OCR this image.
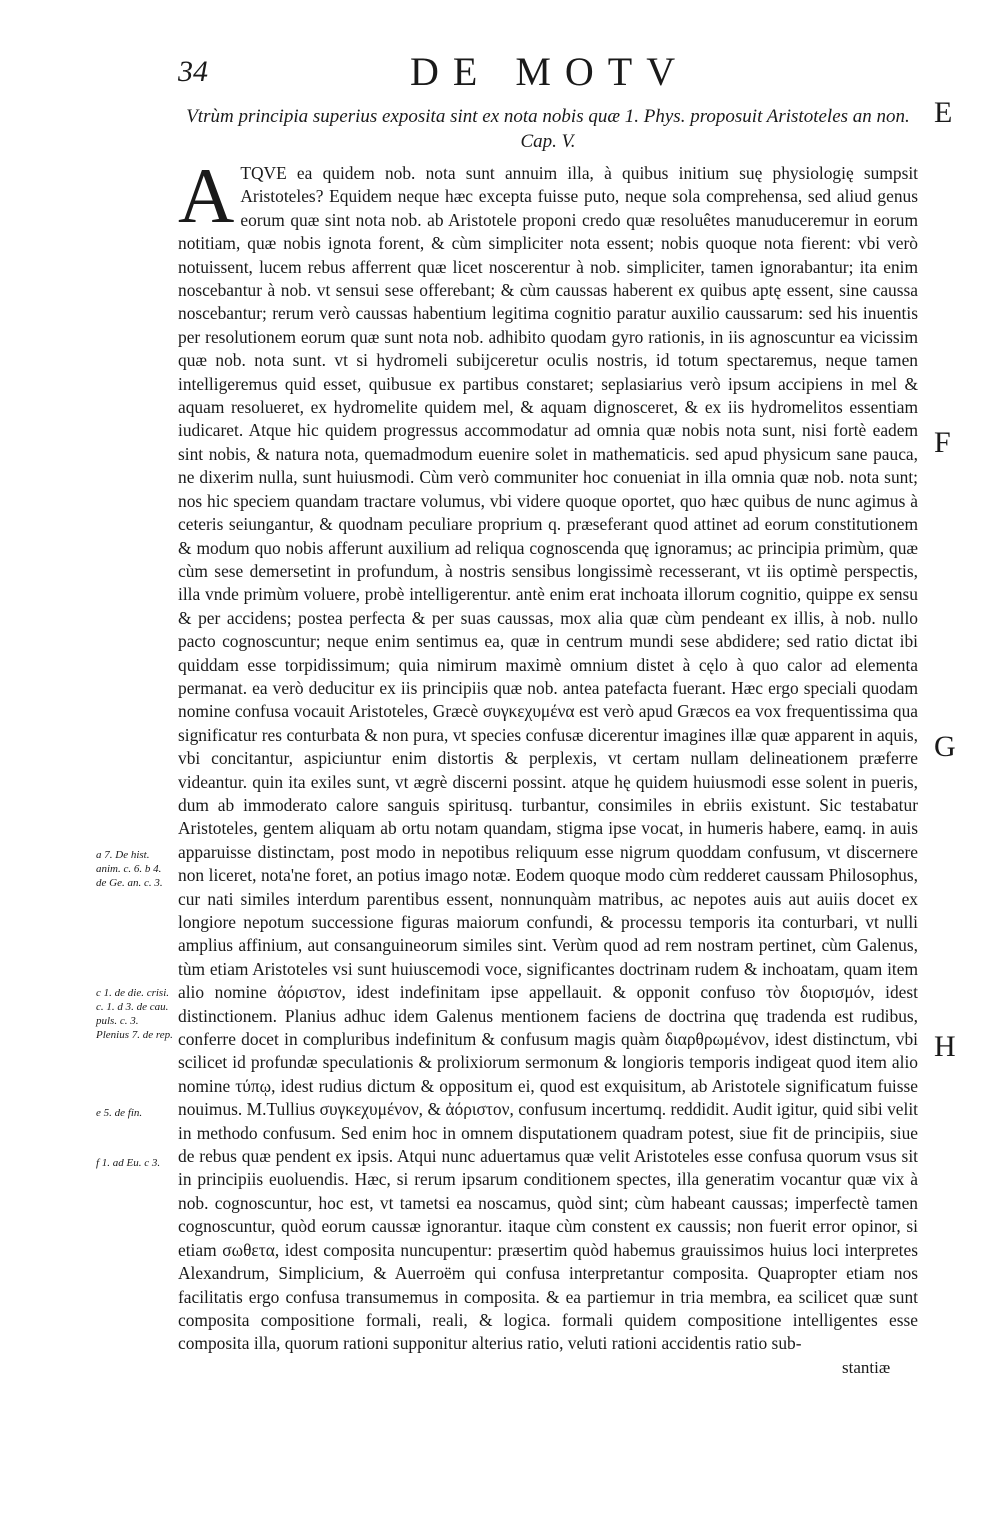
34	DE MOTV
Vtrùm principia superius exposita sint ex nota nobis quæ 1. Phys. proposuit Aristoteles an non.
Cap. V.

ATQVE ea quidem nob. nota sunt annuim illa, à quibus initium suę physiologię sumpsit Aristoteles? Equidem neque hæc excepta fuisse puto, neque sola comprehensa, sed aliud genus eorum quæ sint nota nob. ab Aristotele proponi credo quæ resoluêtes manuduceremur in eorum notitiam, quæ nobis ignota forent, & cùm simpliciter nota essent; nobis quoque nota fierent: vbi verò notuissent, lucem rebus afferrent quæ licet noscerentur à nob. simpliciter, tamen ignorabantur; ita enim noscebantur à nob. vt sensui sese offerebant; & cùm caussas haberent ex quibus aptę essent, sine caussa noscebantur; rerum verò caussas habentium legitima cognitio paratur auxilio caussarum: sed his inuentis per resolutionem eorum quæ sunt nota nob. adhibito quodam gyro rationis, in iis agnoscuntur ea vicissim quæ nob. nota sunt. vt si hydromeli subijceretur oculis nostris, id totum spectaremus, neque tamen intelligeremus quid esset, quibusue ex partibus constaret; seplasiarius verò ipsum accipiens in mel & aquam resolueret, ex hydromelite quidem mel, & aquam dignosceret, & ex iis hydromelitos essentiam iudicaret. Atque hic quidem progressus accommodatur ad omnia quæ nobis nota sunt, nisi fortè eadem sint nobis, & natura nota, quemadmodum euenire solet in mathematicis. sed apud physicum sane pauca, ne dixerim nulla, sunt huiusmodi. Cùm verò communiter hoc conueniat in illa omnia quæ nob. nota sunt; nos hic speciem quandam tractare volumus, vbi videre quoque oportet, quo hæc quibus de nunc agimus à ceteris seiungantur, & quodnam peculiare proprium q. præseferant quod attinet ad eorum constitutionem & modum quo nobis afferunt auxilium ad reliqua cognoscenda quę ignoramus; ac principia primùm, quæ cùm sese demersetint in profundum, à nostris sensibus longissimè recesserant, vt iis optimè perspectis, illa vnde primùm voluere, probè intelligerentur. antè enim erat inchoata illorum cognitio, quippe ex sensu & per accidens; postea perfecta & per suas caussas, mox alia quæ cùm pendeant ex illis, à nob. nullo pacto cognoscuntur; neque enim sentimus ea, quæ in centrum mundi sese abdidere; sed ratio dictat ibi quiddam esse torpidissimum; quia nimirum maximè omnium distet à cęlo à quo calor ad elementa permanat. ea verò deducitur ex iis principiis quæ nob. antea patefacta fuerant. Hæc ergo speciali quodam nomine confusa vocauit Aristoteles, Græcè συγκεχυμένα est verò apud Græcos ea vox frequentissima qua significatur res conturbata & non pura, vt species confusæ dicerentur imagines illæ quæ apparent in aquis, vbi concitantur, aspiciuntur enim distortis & perplexis, vt certam nullam delineationem præferre videantur. quin ita exiles sunt, vt ægrè discerni possint. atque hę quidem huiusmodi esse solent in pueris, dum ab immoderato calore sanguis spiritusq. turbantur, consimiles in ebriis existunt. Sic testabatur Aristoteles, gentem aliquam ab ortu notam quandam, stigma ipse vocat, in humeris habere, eamq. in auis apparuisse distinctam, post modo in nepotibus reliquum esse nigrum quoddam confusum, vt discernere non liceret, nota'ne foret, an potius imago notæ. Eodem quoque modo cùm redderet caussam Philosophus, cur nati similes interdum parentibus essent, nonnunquàm matribus, ac nepotes auis aut auiis docet ex longiore nepotum successione figuras maiorum confundi, & processu temporis ita conturbari, vt nulli amplius affinium, aut consanguineorum similes sint. Verùm quod ad rem nostram pertinet, cùm Galenus, tùm etiam Aristoteles vsi sunt huiuscemodi voce, significantes doctrinam rudem & inchoatam, quam item alio nomine ἀόριστον, idest indefinitam ipse appellauit. & opponit confuso τὸν διορισμόν, idest distinctionem. Planius adhuc idem Galenus mentionem faciens de doctrina quę tradenda est rudibus, conferre docet in compluribus indefinitum & confusum magis quàm διαρθρωμένον, idest distinctum, vbi scilicet id profundæ speculationis & prolixiorum sermonum & longioris temporis indigeat quod item alio nomine τύπῳ, idest rudius dictum & oppositum ei, quod est exquisitum, ab Aristotele significatum fuisse nouimus. M.Tullius συγκεχυμένον, & ἀόριστον, confusum incertumq. reddidit. Audit igitur, quid sibi velit in methodo confusum. Sed enim hoc in omnem disputationem quadram potest, siue fit de principiis, siue de rebus quæ pendent ex ipsis. Atqui nunc aduertamus quæ velit Aristoteles esse confusa quorum vsus sit in principiis euoluendis. Hæc, si rerum ipsarum conditionem spectes, illa generatim vocantur quæ vix à nob. cognoscuntur, hoc est, vt tametsi ea noscamus, quòd sint; cùm habeant caussas; imperfectè tamen cognoscuntur, quòd eorum caussæ ignorantur. itaque cùm constent ex caussis; non fuerit error opinor, si etiam σωθετα, idest composita nuncupentur: præsertim quòd habemus grauissimos huius loci interpretes Alexandrum, Simplicium, & Auerroëm qui confusa interpretantur composita. Quapropter etiam nos facilitatis ergo confusa transumemus in composita. & ea partiemur in tria membra, ea scilicet quæ sunt composita compositione formali, reali, & logica. formali quidem compositione intelligentes esse composita illa, quorum rationi supponitur alterius ratio, veluti rationi accidentis ratio sub-

E
F
G
H
a 7. De hist. anim. c. 6. b 4. de Ge. an. c. 3.
c 1. de die. crisi. c. 1. d 3. de cau. puls. c. 3. Plenius 7. de rep.
e 5. de fin.
f 1. ad Eu. c 3.
stantiæ
